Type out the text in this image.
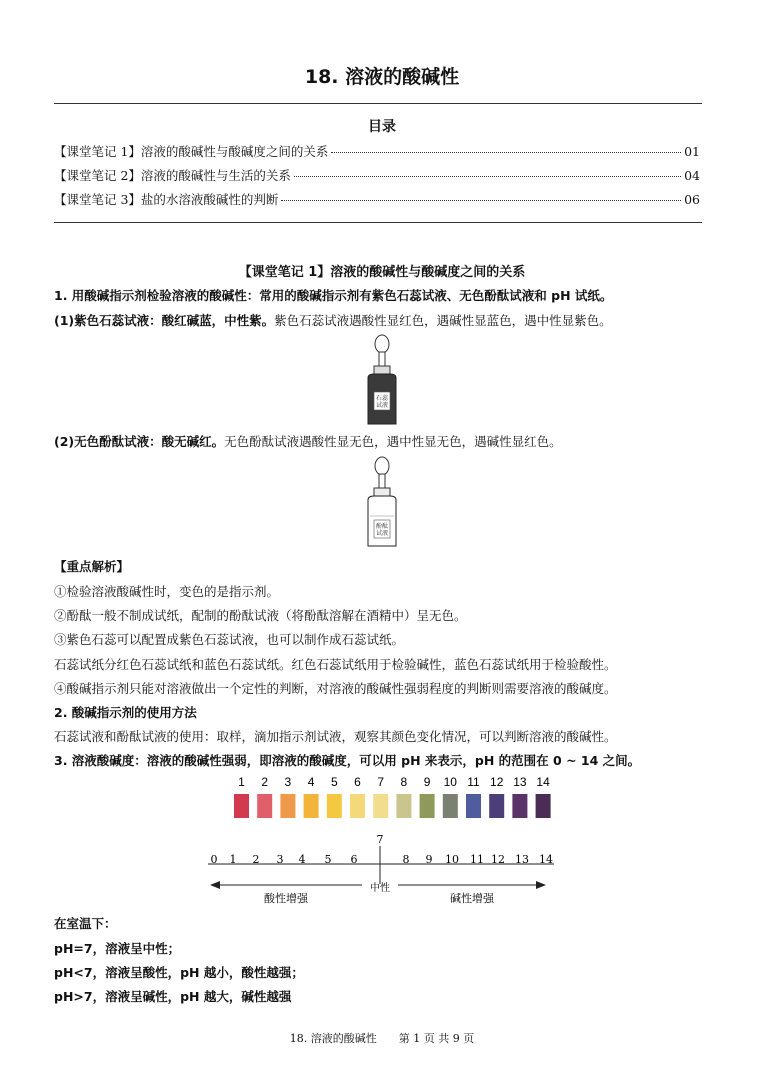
18. 溶液的酸碱性
目录
【课堂笔记 1】溶液的酸碱性与酸碱度之间的关系	01
【课堂笔记 2】溶液的酸碱性与生活的关系	04
【课堂笔记 3】盐的水溶液酸碱性的判断	06
【课堂笔记 1】溶液的酸碱性与酸碱度之间的关系
1. 用酸碱指示剂检验溶液的酸碱性：常用的酸碱指示剂有紫色石蕊试液、无色酚酞试液和 pH 试纸。
(1)紫色石蕊试液：酸红碱蓝，中性紫。紫色石蕊试液遇酸性显红色，遇碱性显蓝色，遇中性显紫色。
石蕊
试液
(2)无色酚酞试液：酸无碱红。无色酚酞试液遇酸性显无色，遇中性显无色，遇碱性显红色。
酚酞
试液
【重点解析】
①检验溶液酸碱性时，变色的是指示剂。
②酚酞一般不制成试纸，配制的酚酞试液（将酚酞溶解在酒精中）呈无色。
③紫色石蕊可以配置成紫色石蕊试液，也可以制作成石蕊试纸。
石蕊试纸分红色石蕊试纸和蓝色石蕊试纸。红色石蕊试纸用于检验碱性，蓝色石蕊试纸用于检验酸性。
④酸碱指示剂只能对溶液做出一个定性的判断，对溶液的酸碱性强弱程度的判断则需要溶液的酸碱度。
2. 酸碱指示剂的使用方法
石蕊试液和酚酞试液的使用：取样，滴加指示剂试液，观察其颜色变化情况，可以判断溶液的酸碱性。
3. 溶液酸碱度：溶液的酸碱性强弱，即溶液的酸碱度，可以用 pH 来表示，pH 的范围在 0 ~ 14 之间。
1 2 3 4 5 6 7 8 9 10 11 12 13 14
7
0 1 2 3 4 5 6	8 9 10 11 12 13 14
中性
酸性增强	碱性增强
在室温下：
pH=7，溶液呈中性；
pH<7，溶液呈酸性，pH 越小，酸性越强；
pH>7，溶液呈碱性，pH 越大，碱性越强
18. 溶液的酸碱性　　第 1 页 共 9 页
